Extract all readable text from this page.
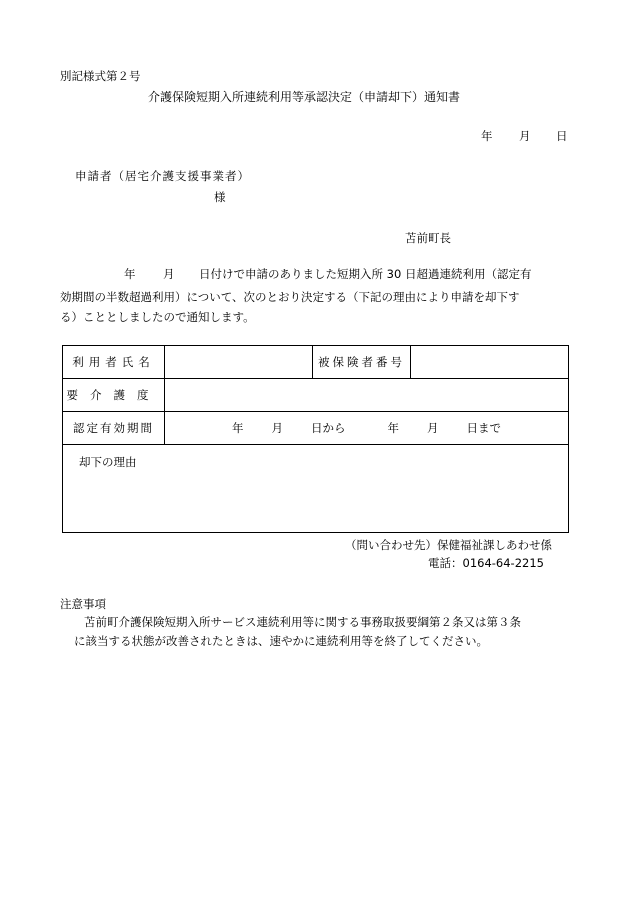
別記様式第２号
介護保険短期入所連続利用等承認決定（申請却下）通知書
年 月 日
申請者（居宅介護支援事業者）
様
苫前町長
年 月 日付けで申請のありました短期入所 30 日超過連続利用（認定有
効期間の半数超過利用）について、次のとおり決定する（下記の理由により申請を却下す
る）こととしましたので通知します。
利用者氏名		被保険者番号	
要介護度			
認定有効期間	年 月 日から 年 月 日まで		

却下の理由			
（問い合わせ先）保健福祉課しあわせ係
電話：0164-64-2215
注意事項
苫前町介護保険短期入所サービス連続利用等に関する事務取扱要綱第２条又は第３条
に該当する状態が改善されたときは、速やかに連続利用等を終了してください。
